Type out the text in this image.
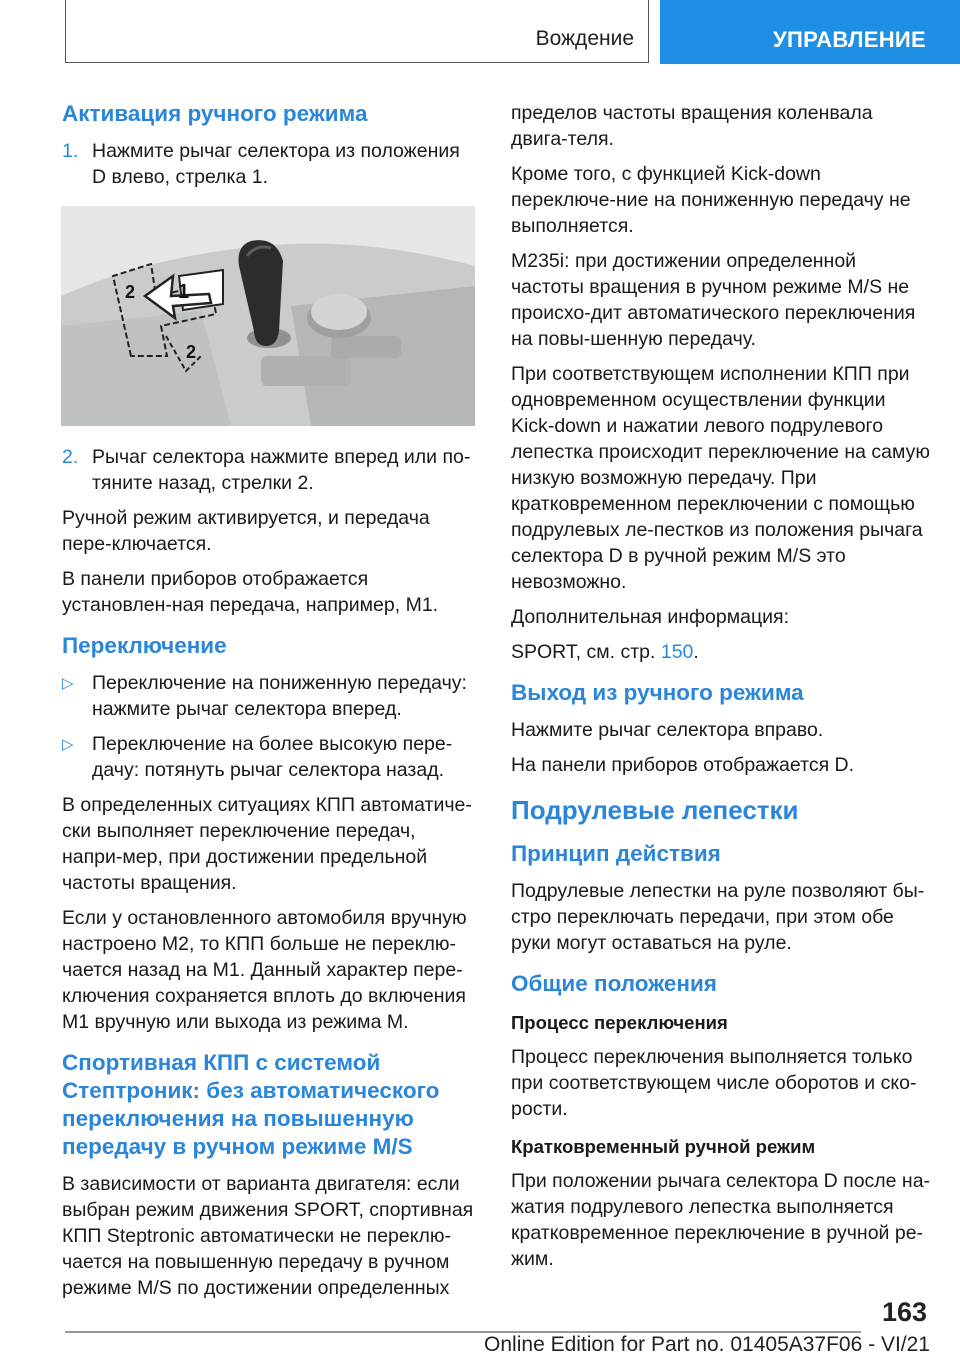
Вождение	УПРАВЛЕНИЕ
Активация ручного режима
1. Нажмите рычаг селектора из положения D влево, стрелка 1.
1
2
2
2. Рычаг селектора нажмите вперед или по-тяните назад, стрелки 2.

Ручной режим активируется, и передача пере-ключается.

В панели приборов отображается установлен-ная передача, например, M1.

Переключение
▷ Переключение на пониженную передачу: нажмите рычаг селектора вперед.
▷ Переключение на более высокую пере-дачу: потянуть рычаг селектора назад.

В определенных ситуациях КПП автоматиче-ски выполняет переключение передач, напри-мер, при достижении предельной частоты вращения.

Если у остановленного автомобиля вручную настроено M2, то КПП больше не переклю-чается назад на M1. Данный характер пере-ключения сохраняется вплоть до включения M1 вручную или выхода из режима M.

Спортивная КПП с системой Стептроник: без автоматического переключения на повышенную передачу в ручном режиме M/S

В зависимости от варианта двигателя: если выбран режим движения SPORT, спортивная КПП Steptronic автоматически не переклю-чается на повышенную передачу в ручном режиме M/S по достижении определенных

пределов частоты вращения коленвала двига-теля.

Кроме того, с функцией Kick-down переключе-ние на пониженную передачу не выполняется.

M235i: при достижении определенной частоты вращения в ручном режиме M/S не происхо-дит автоматического переключения на повы-шенную передачу.

При соответствующем исполнении КПП при одновременном осуществлении функции Kick-down и нажатии левого подрулевого лепестка происходит переключение на самую низкую возможную передачу. При кратковременном переключении с помощью подрулевых ле-пестков из положения рычага селектора D в ручной режим M/S это невозможно.

Дополнительная информация:

SPORT, см. стр. 150.

Выход из ручного режима

Нажмите рычаг селектора вправо.

На панели приборов отображается D.

Подрулевые лепестки
Принцип действия

Подрулевые лепестки на руле позволяют бы-стро переключать передачи, при этом обе руки могут оставаться на руле.

Общие положения
Процесс переключения

Процесс переключения выполняется только при соответствующем числе оборотов и ско-рости.

Кратковременный ручной режим

При положении рычага селектора D после на-жатия подрулевого лепестка выполняется кратковременное переключение в ручной ре-жим.

163
Online Edition for Part no. 01405A37F06 - VI/21
